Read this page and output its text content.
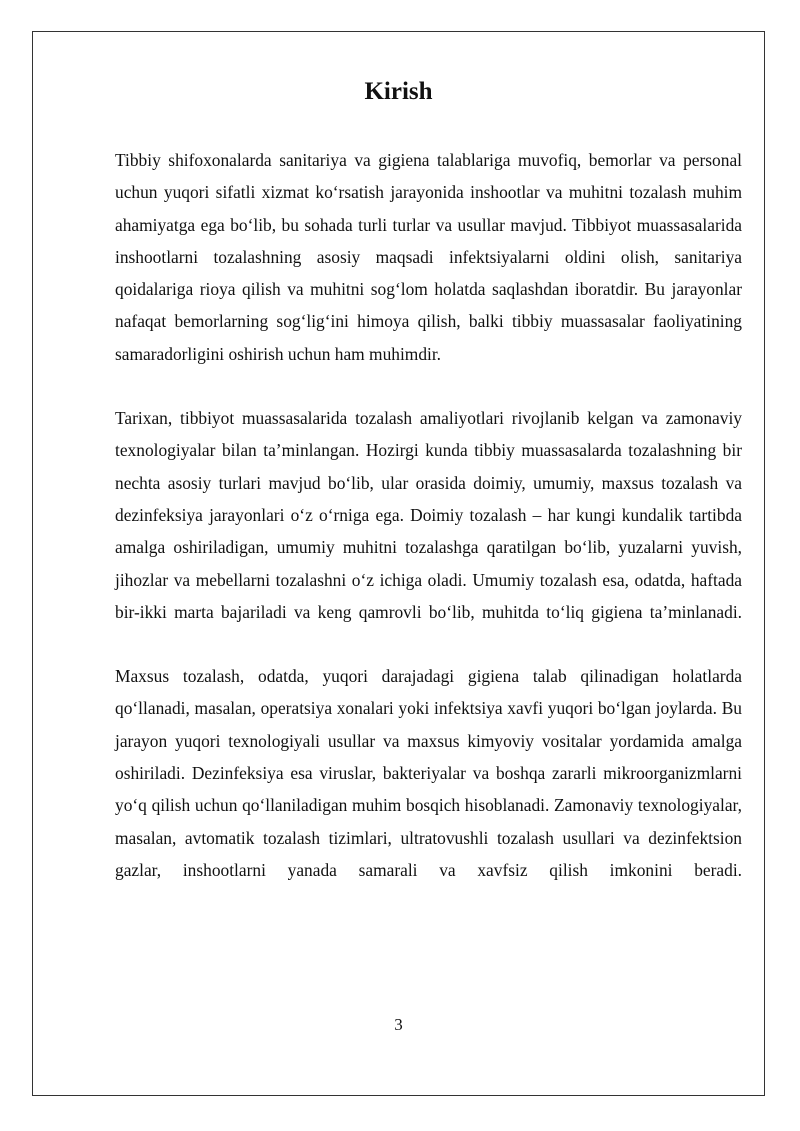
Kirish

Tibbiy shifoxonalarda sanitariya va gigiena talablariga muvofiq, bemorlar va personal uchun yuqori sifatli xizmat ko‘rsatish jarayonida inshootlar va muhitni tozalash muhim ahamiyatga ega bo‘lib, bu sohada turli turlar va usullar mavjud. Tibbiyot muassasalarida inshootlarni tozalashning asosiy maqsadi infektsiyalarni oldini olish, sanitariya qoidalariga rioya qilish va muhitni sog‘lom holatda saqlashdan iboratdir. Bu jarayonlar nafaqat bemorlarning sog‘lig‘ini himoya qilish, balki tibbiy muassasalar faoliyatining samaradorligini oshirish uchun ham muhimdir.

Tarixan, tibbiyot muassasalarida tozalash amaliyotlari rivojlanib kelgan va zamonaviy texnologiyalar bilan ta’minlangan. Hozirgi kunda tibbiy muassasalarda tozalashning bir nechta asosiy turlari mavjud bo‘lib, ular orasida doimiy, umumiy, maxsus tozalash va dezinfeksiya jarayonlari o‘z o‘rniga ega. Doimiy tozalash – har kungi kundalik tartibda amalga oshiriladigan, umumiy muhitni tozalashga qaratilgan bo‘lib, yuzalarni yuvish, jihozlar va mebellarni tozalashni o‘z ichiga oladi. Umumiy tozalash esa, odatda, haftada bir-ikki marta bajariladi va keng qamrovli bo‘lib, muhitda to‘liq gigiena ta’minlanadi.

Maxsus tozalash, odatda, yuqori darajadagi gigiena talab qilinadigan holatlarda qo‘llanadi, masalan, operatsiya xonalari yoki infektsiya xavfi yuqori bo‘lgan joylarda. Bu jarayon yuqori texnologiyali usullar va maxsus kimyoviy vositalar yordamida amalga oshiriladi. Dezinfeksiya esa viruslar, bakteriyalar va boshqa zararli mikroorganizmlarni yo‘q qilish uchun qo‘llaniladigan muhim bosqich hisoblanadi. Zamonaviy texnologiyalar, masalan, avtomatik tozalash tizimlari, ultratovushli tozalash usullari va dezinfektsion gazlar, inshootlarni yanada samarali va xavfsiz qilish imkonini beradi.

3
